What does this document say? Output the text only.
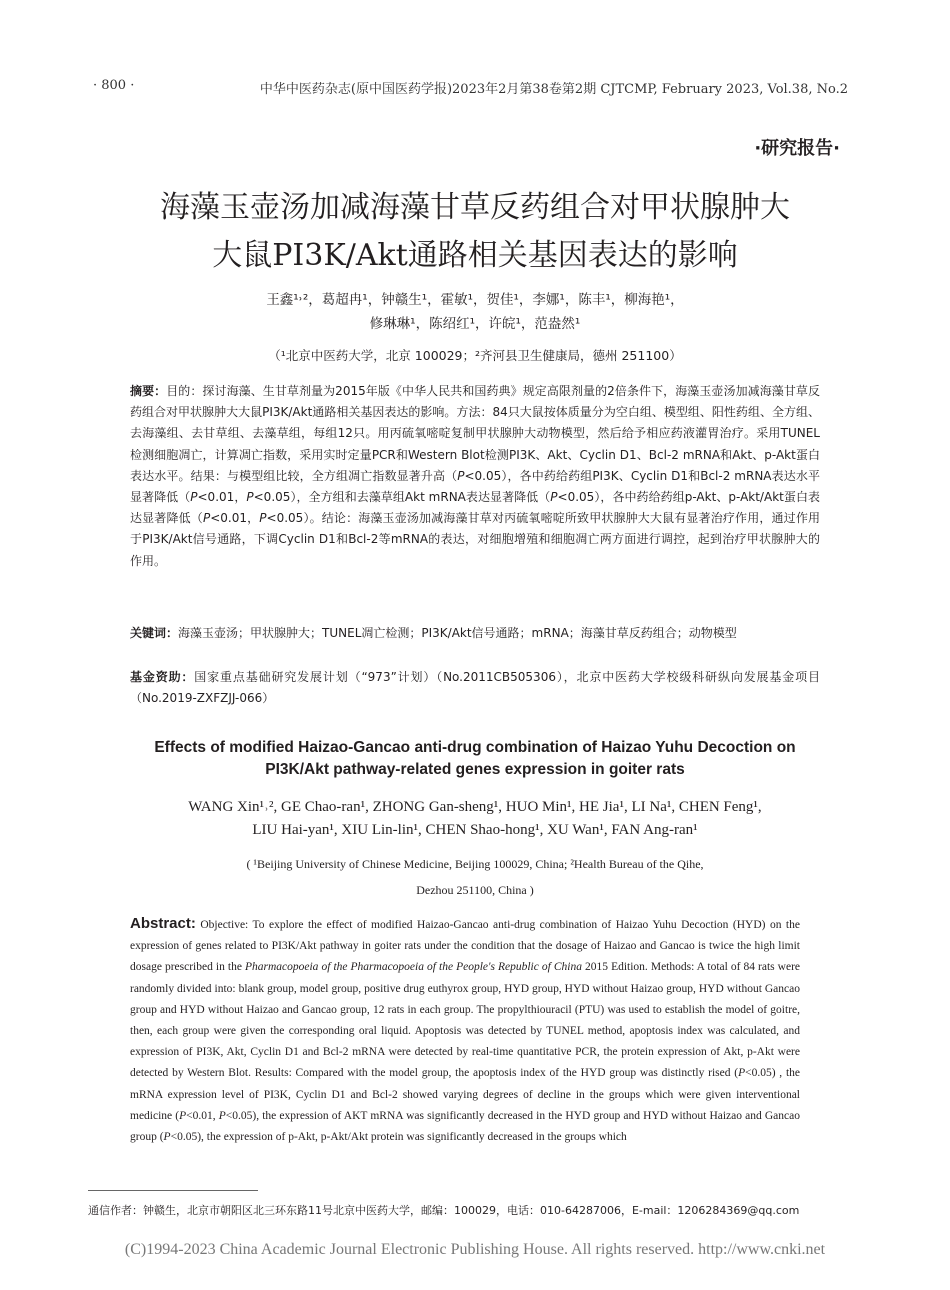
· 800 ·	中华中医药杂志(原中国医药学报)2023年2月第38卷第2期 CJTCMP, February 2023, Vol.38, No.2
·研究报告·
海藻玉壶汤加减海藻甘草反药组合对甲状腺肿大
大鼠PI3K/Akt通路相关基因表达的影响
王鑫¹˒²，葛超冉¹，钟赣生¹，霍敏¹，贺佳¹，李娜¹，陈丰¹，柳海艳¹，
修琳琳¹，陈绍红¹，许皖¹，范盎然¹
（¹北京中医药大学，北京 100029；²齐河县卫生健康局，德州 251100）
摘要：目的：探讨海藻、生甘草剂量为2015年版《中华人民共和国药典》规定高限剂量的2倍条件下，海藻玉壶汤加减海藻甘草反药组合对甲状腺肿大大鼠PI3K/Akt通路相关基因表达的影响。方法：84只大鼠按体质量分为空白组、模型组、阳性药组、全方组、去海藻组、去甘草组、去藻草组，每组12只。用丙硫氧嘧啶复制甲状腺肿大动物模型，然后给予相应药液灌胃治疗。采用TUNEL检测细胞凋亡，计算凋亡指数，采用实时定量PCR和Western Blot检测PI3K、Akt、Cyclin D1、Bcl-2 mRNA和Akt、p-Akt蛋白表达水平。结果：与模型组比较，全方组凋亡指数显著升高（P<0.05），各中药给药组PI3K、Cyclin D1和Bcl-2 mRNA表达水平显著降低（P<0.01，P<0.05），全方组和去藻草组Akt mRNA表达显著降低（P<0.05），各中药给药组p-Akt、p-Akt/Akt蛋白表达显著降低（P<0.01，P<0.05）。结论：海藻玉壶汤加减海藻甘草对丙硫氧嘧啶所致甲状腺肿大大鼠有显著治疗作用，通过作用于PI3K/Akt信号通路，下调Cyclin D1和Bcl-2等mRNA的表达，对细胞增殖和细胞凋亡两方面进行调控，起到治疗甲状腺肿大的作用。
关键词：海藻玉壶汤；甲状腺肿大；TUNEL凋亡检测；PI3K/Akt信号通路；mRNA；海藻甘草反药组合；动物模型
基金资助：国家重点基础研究发展计划（“973”计划）（No.2011CB505306），北京中医药大学校级科研纵向发展基金项目（No.2019-ZXFZJJ-066）
Effects of modified Haizao-Gancao anti-drug combination of Haizao Yuhu Decoction on
PI3K/Akt pathway-related genes expression in goiter rats
WANG Xin¹˒², GE Chao-ran¹, ZHONG Gan-sheng¹, HUO Min¹, HE Jia¹, LI Na¹, CHEN Feng¹,
LIU Hai-yan¹, XIU Lin-lin¹, CHEN Shao-hong¹, XU Wan¹, FAN Ang-ran¹
( ¹Beijing University of Chinese Medicine, Beijing 100029, China; ²Health Bureau of the Qihe,
Dezhou 251100, China )
Abstract: Objective: To explore the effect of modified Haizao-Gancao anti-drug combination of Haizao Yuhu Decoction (HYD) on the expression of genes related to PI3K/Akt pathway in goiter rats under the condition that the dosage of Haizao and Gancao is twice the high limit dosage prescribed in the Pharmacopoeia of the Pharmacopoeia of the People's Republic of China 2015 Edition. Methods: A total of 84 rats were randomly divided into: blank group, model group, positive drug euthyrox group, HYD group, HYD without Haizao group, HYD without Gancao group and HYD without Haizao and Gancao group, 12 rats in each group. The propylthiouracil (PTU) was used to establish the model of goitre, then, each group were given the corresponding oral liquid. Apoptosis was detected by TUNEL method, apoptosis index was calculated, and expression of PI3K, Akt, Cyclin D1 and Bcl-2 mRNA were detected by real-time quantitative PCR, the protein expression of Akt, p-Akt were detected by Western Blot. Results: Compared with the model group, the apoptosis index of the HYD group was distinctly rised (P<0.05) , the mRNA expression level of PI3K, Cyclin D1 and Bcl-2 showed varying degrees of decline in the groups which were given interventional medicine (P<0.01, P<0.05), the expression of AKT mRNA was significantly decreased in the HYD group and HYD without Haizao and Gancao group (P<0.05), the expression of p-Akt, p-Akt/Akt protein was significantly decreased in the groups which
通信作者：钟赣生，北京市朝阳区北三环东路11号北京中医药大学，邮编：100029，电话：010-64287006，E-mail：1206284369@qq.com
(C)1994-2023 China Academic Journal Electronic Publishing House. All rights reserved. http://www.cnki.net
